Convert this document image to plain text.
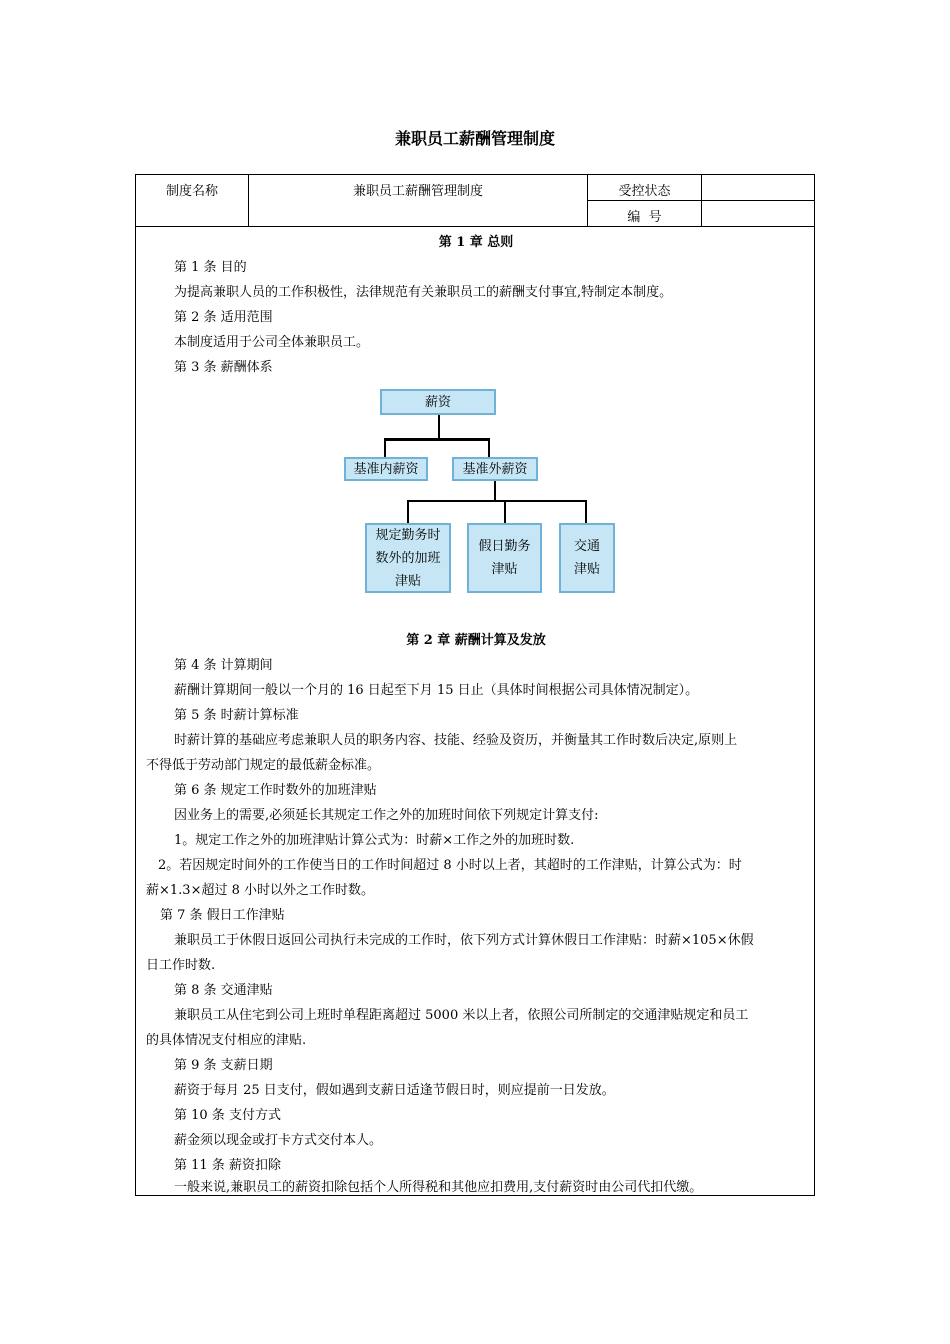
兼职员工薪酬管理制度
制度名称	兼职员工薪酬管理制度	受控状态
编  号
第 1 章 总则
第 1 条 目的
为提高兼职人员的工作积极性，法律规范有关兼职员工的薪酬支付事宜,特制定本制度。
第 2 条 适用范围
本制度适用于公司全体兼职员工。
第 3 条 薪酬体系
薪资
基准内薪资	基准外薪资
规定勤务时
数外的加班
津贴
假日勤务
津贴
交通
津贴
第 2 章 薪酬计算及发放
第 4 条 计算期间
薪酬计算期间一般以一个月的 16 日起至下月 15 日止（具体时间根据公司具体情况制定）。
第 5 条 时薪计算标准
时薪计算的基础应考虑兼职人员的职务内容、技能、经验及资历，并衡量其工作时数后决定,原则上
不得低于劳动部门规定的最低薪金标准。
第 6 条 规定工作时数外的加班津贴
因业务上的需要,必须延长其规定工作之外的加班时间依下列规定计算支付:
1。规定工作之外的加班津贴计算公式为：时薪×工作之外的加班时数.
2。若因规定时间外的工作使当日的工作时间超过 8 小时以上者，其超时的工作津贴，计算公式为：时
薪×1.3×超过 8 小时以外之工作时数。
第 7 条 假日工作津贴
兼职员工于休假日返回公司执行未完成的工作时，依下列方式计算休假日工作津贴：时薪×105×休假
日工作时数.
第 8 条 交通津贴
兼职员工从住宅到公司上班时单程距离超过 5000 米以上者，依照公司所制定的交通津贴规定和员工
的具体情况支付相应的津贴.
第 9 条 支薪日期
薪资于每月 25 日支付，假如遇到支薪日适逢节假日时，则应提前一日发放。
第 10 条 支付方式
薪金须以现金或打卡方式交付本人。
第 11 条 薪资扣除
一般来说,兼职员工的薪资扣除包括个人所得税和其他应扣费用,支付薪资时由公司代扣代缴。
